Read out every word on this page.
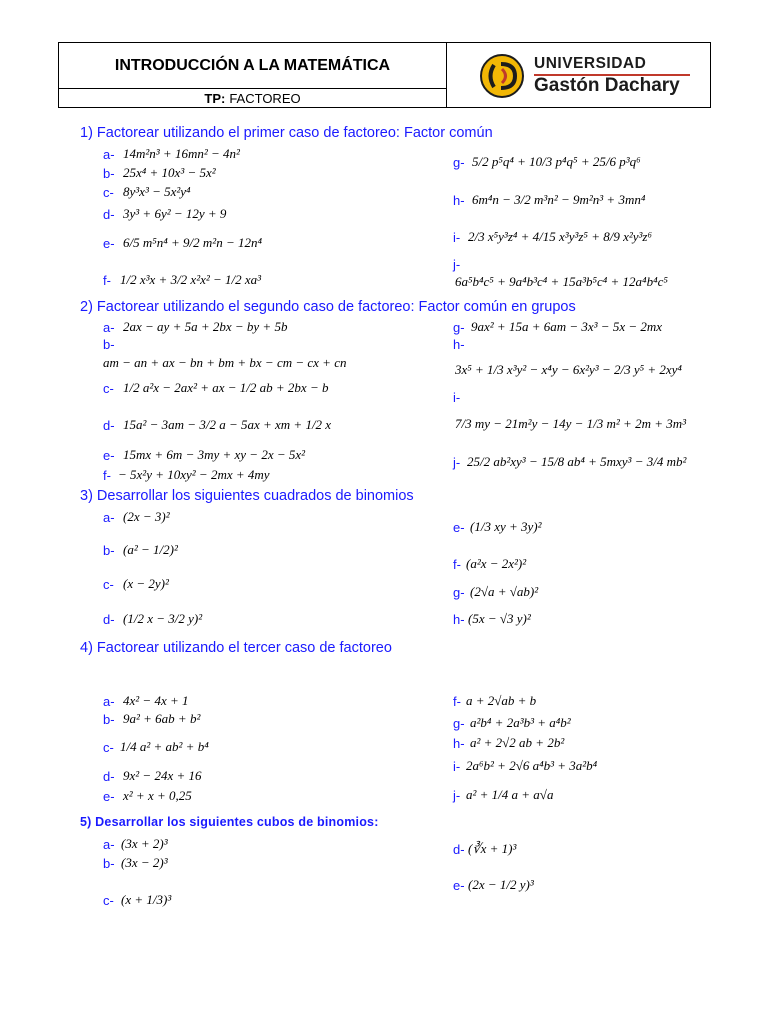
INTRODUCCIÓN A LA MATEMÁTICA
TP: FACTOREO
UNIVERSIDAD
Gastón Dachary
1) Factorear utilizando el primer caso de factoreo: Factor común
2) Factorear utilizando el segundo caso de factoreo: Factor común en grupos
3) Desarrollar los siguientes cuadrados de binomios
4) Factorear utilizando el tercer caso de factoreo
5) Desarrollar los siguientes cubos de binomios:
a- 14m²n³ + 16mn² − 4n²
b- 25x⁴ + 10x³ − 5x²
c- 8y³x³ − 5x²y⁴
d- 3y³ + 6y² − 12y + 9
e- 6/5 m⁵n⁴ + 9/2 m²n − 12n⁴
f- 1/2 x³x + 3/2 x²x² − 1/2 xa³
g- 5/2 p⁵q⁴ + 10/3 p⁴q⁵ + 25/6 p³q⁶
h- 6m⁴n − 3/2 m³n² − 9m²n³ + 3mn⁴
i- 2/3 x⁵y³z⁴ + 4/15 x³y³z⁵ + 8/9 x²y³z⁶
j-
6a⁵b⁴c⁵ + 9a⁴b³c⁴ + 15a³b⁵c⁴ + 12a⁴b⁴c⁵
a- 2ax − ay + 5a + 2bx − by + 5b
b-
am − an + ax − bn + bm + bx − cm − cx + cn
c- 1/2 a²x − 2ax² + ax − 1/2 ab + 2bx − b
d- 15a² − 3am − 3/2 a − 5ax + xm + 1/2 x
e- 15mx + 6m − 3my + xy − 2x − 5x²
f- − 5x²y + 10xy² − 2mx + 4my
g- 9ax² + 15a + 6am − 3x³ − 5x − 2mx
h-
3x⁵ + 1/3 x³y² − x⁴y − 6x²y³ − 2/3 y⁵ + 2xy⁴
i-
7/3 my − 21m²y − 14y − 1/3 m² + 2m + 3m³
j- 25/2 ab²xy³ − 15/8 ab⁴ + 5mxy³ − 3/4 mb²
a- (2x − 3)²
b- (a² − 1/2)²
c- (x − 2y)²
d- (1/2 x − 3/2 y)²
e- (1/3 xy + 3y)²
f- (a²x − 2x²)²
g- (2√a + √ab)²
h- (5x − √3 y)²
a- 4x² − 4x + 1
b- 9a² + 6ab + b²
c- 1/4 a² + ab² + b⁴
d- 9x² − 24x + 16
e- x² + x + 0,25
f- a + 2√ab + b
g- a²b⁴ + 2a³b³ + a⁴b²
h- a² + 2√2 ab + 2b²
i- 2a⁶b² + 2√6 a⁴b³ + 3a²b⁴
j- a² + 1/4 a + a√a
a- (3x + 2)³
b- (3x − 2)³
c- (x + 1/3)³
d- (∛x + 1)³
e- (2x − 1/2 y)³
